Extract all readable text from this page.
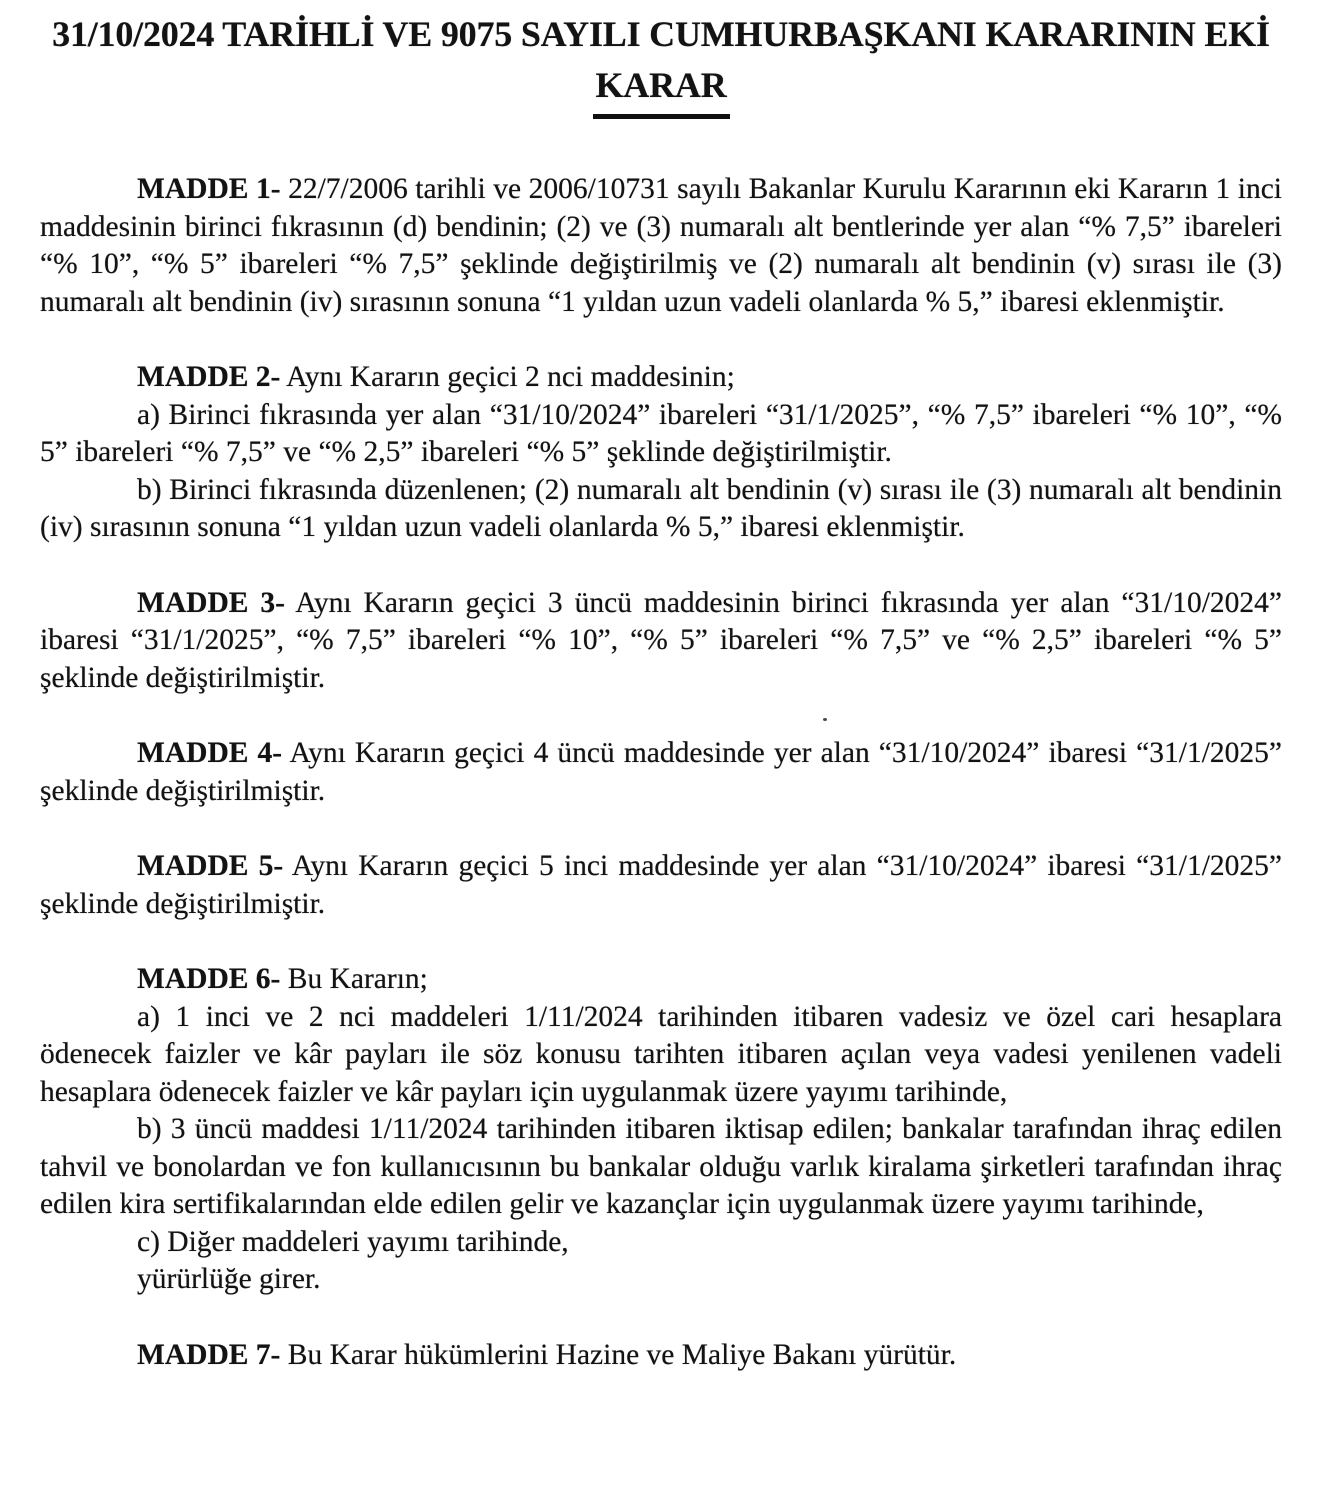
31/10/2024 TARİHLİ VE 9075 SAYILI CUMHURBAŞKANI KARARININ EKİ
KARAR

MADDE 1- 22/7/2006 tarihli ve 2006/10731 sayılı Bakanlar Kurulu Kararının eki Kararın 1 inci maddesinin birinci fıkrasının (d) bendinin; (2) ve (3) numaralı alt bentlerinde yer alan “% 7,5” ibareleri “% 10”, “% 5” ibareleri “% 7,5” şeklinde değiştirilmiş ve (2) numaralı alt bendinin (v) sırası ile (3) numaralı alt bendinin (iv) sırasının sonuna “1 yıldan uzun vadeli olanlarda % 5,” ibaresi eklenmiştir.

MADDE 2- Aynı Kararın geçici 2 nci maddesinin;

a) Birinci fıkrasında yer alan “31/10/2024” ibareleri “31/1/2025”, “% 7,5” ibareleri “% 10”, “% 5” ibareleri “% 7,5” ve “% 2,5” ibareleri “% 5” şeklinde değiştirilmiştir.

b) Birinci fıkrasında düzenlenen; (2) numaralı alt bendinin (v) sırası ile (3) numaralı alt bendinin (iv) sırasının sonuna “1 yıldan uzun vadeli olanlarda % 5,” ibaresi eklenmiştir.

MADDE 3- Aynı Kararın geçici 3 üncü maddesinin birinci fıkrasında yer alan “31/10/2024” ibaresi “31/1/2025”, “% 7,5” ibareleri “% 10”, “% 5” ibareleri “% 7,5” ve “% 2,5” ibareleri “% 5” şeklinde değiştirilmiştir.

MADDE 4- Aynı Kararın geçici 4 üncü maddesinde yer alan “31/10/2024” ibaresi “31/1/2025” şeklinde değiştirilmiştir.

MADDE 5- Aynı Kararın geçici 5 inci maddesinde yer alan “31/10/2024” ibaresi “31/1/2025” şeklinde değiştirilmiştir.

MADDE 6- Bu Kararın;

a) 1 inci ve 2 nci maddeleri 1/11/2024 tarihinden itibaren vadesiz ve özel cari hesaplara ödenecek faizler ve kâr payları ile söz konusu tarihten itibaren açılan veya vadesi yenilenen vadeli hesaplara ödenecek faizler ve kâr payları için uygulanmak üzere yayımı tarihinde,

b) 3 üncü maddesi 1/11/2024 tarihinden itibaren iktisap edilen; bankalar tarafından ihraç edilen tahvil ve bonolardan ve fon kullanıcısının bu bankalar olduğu varlık kiralama şirketleri tarafından ihraç edilen kira sertifikalarından elde edilen gelir ve kazançlar için uygulanmak üzere yayımı tarihinde,

c) Diğer maddeleri yayımı tarihinde,

yürürlüğe girer.

MADDE 7- Bu Karar hükümlerini Hazine ve Maliye Bakanı yürütür.
